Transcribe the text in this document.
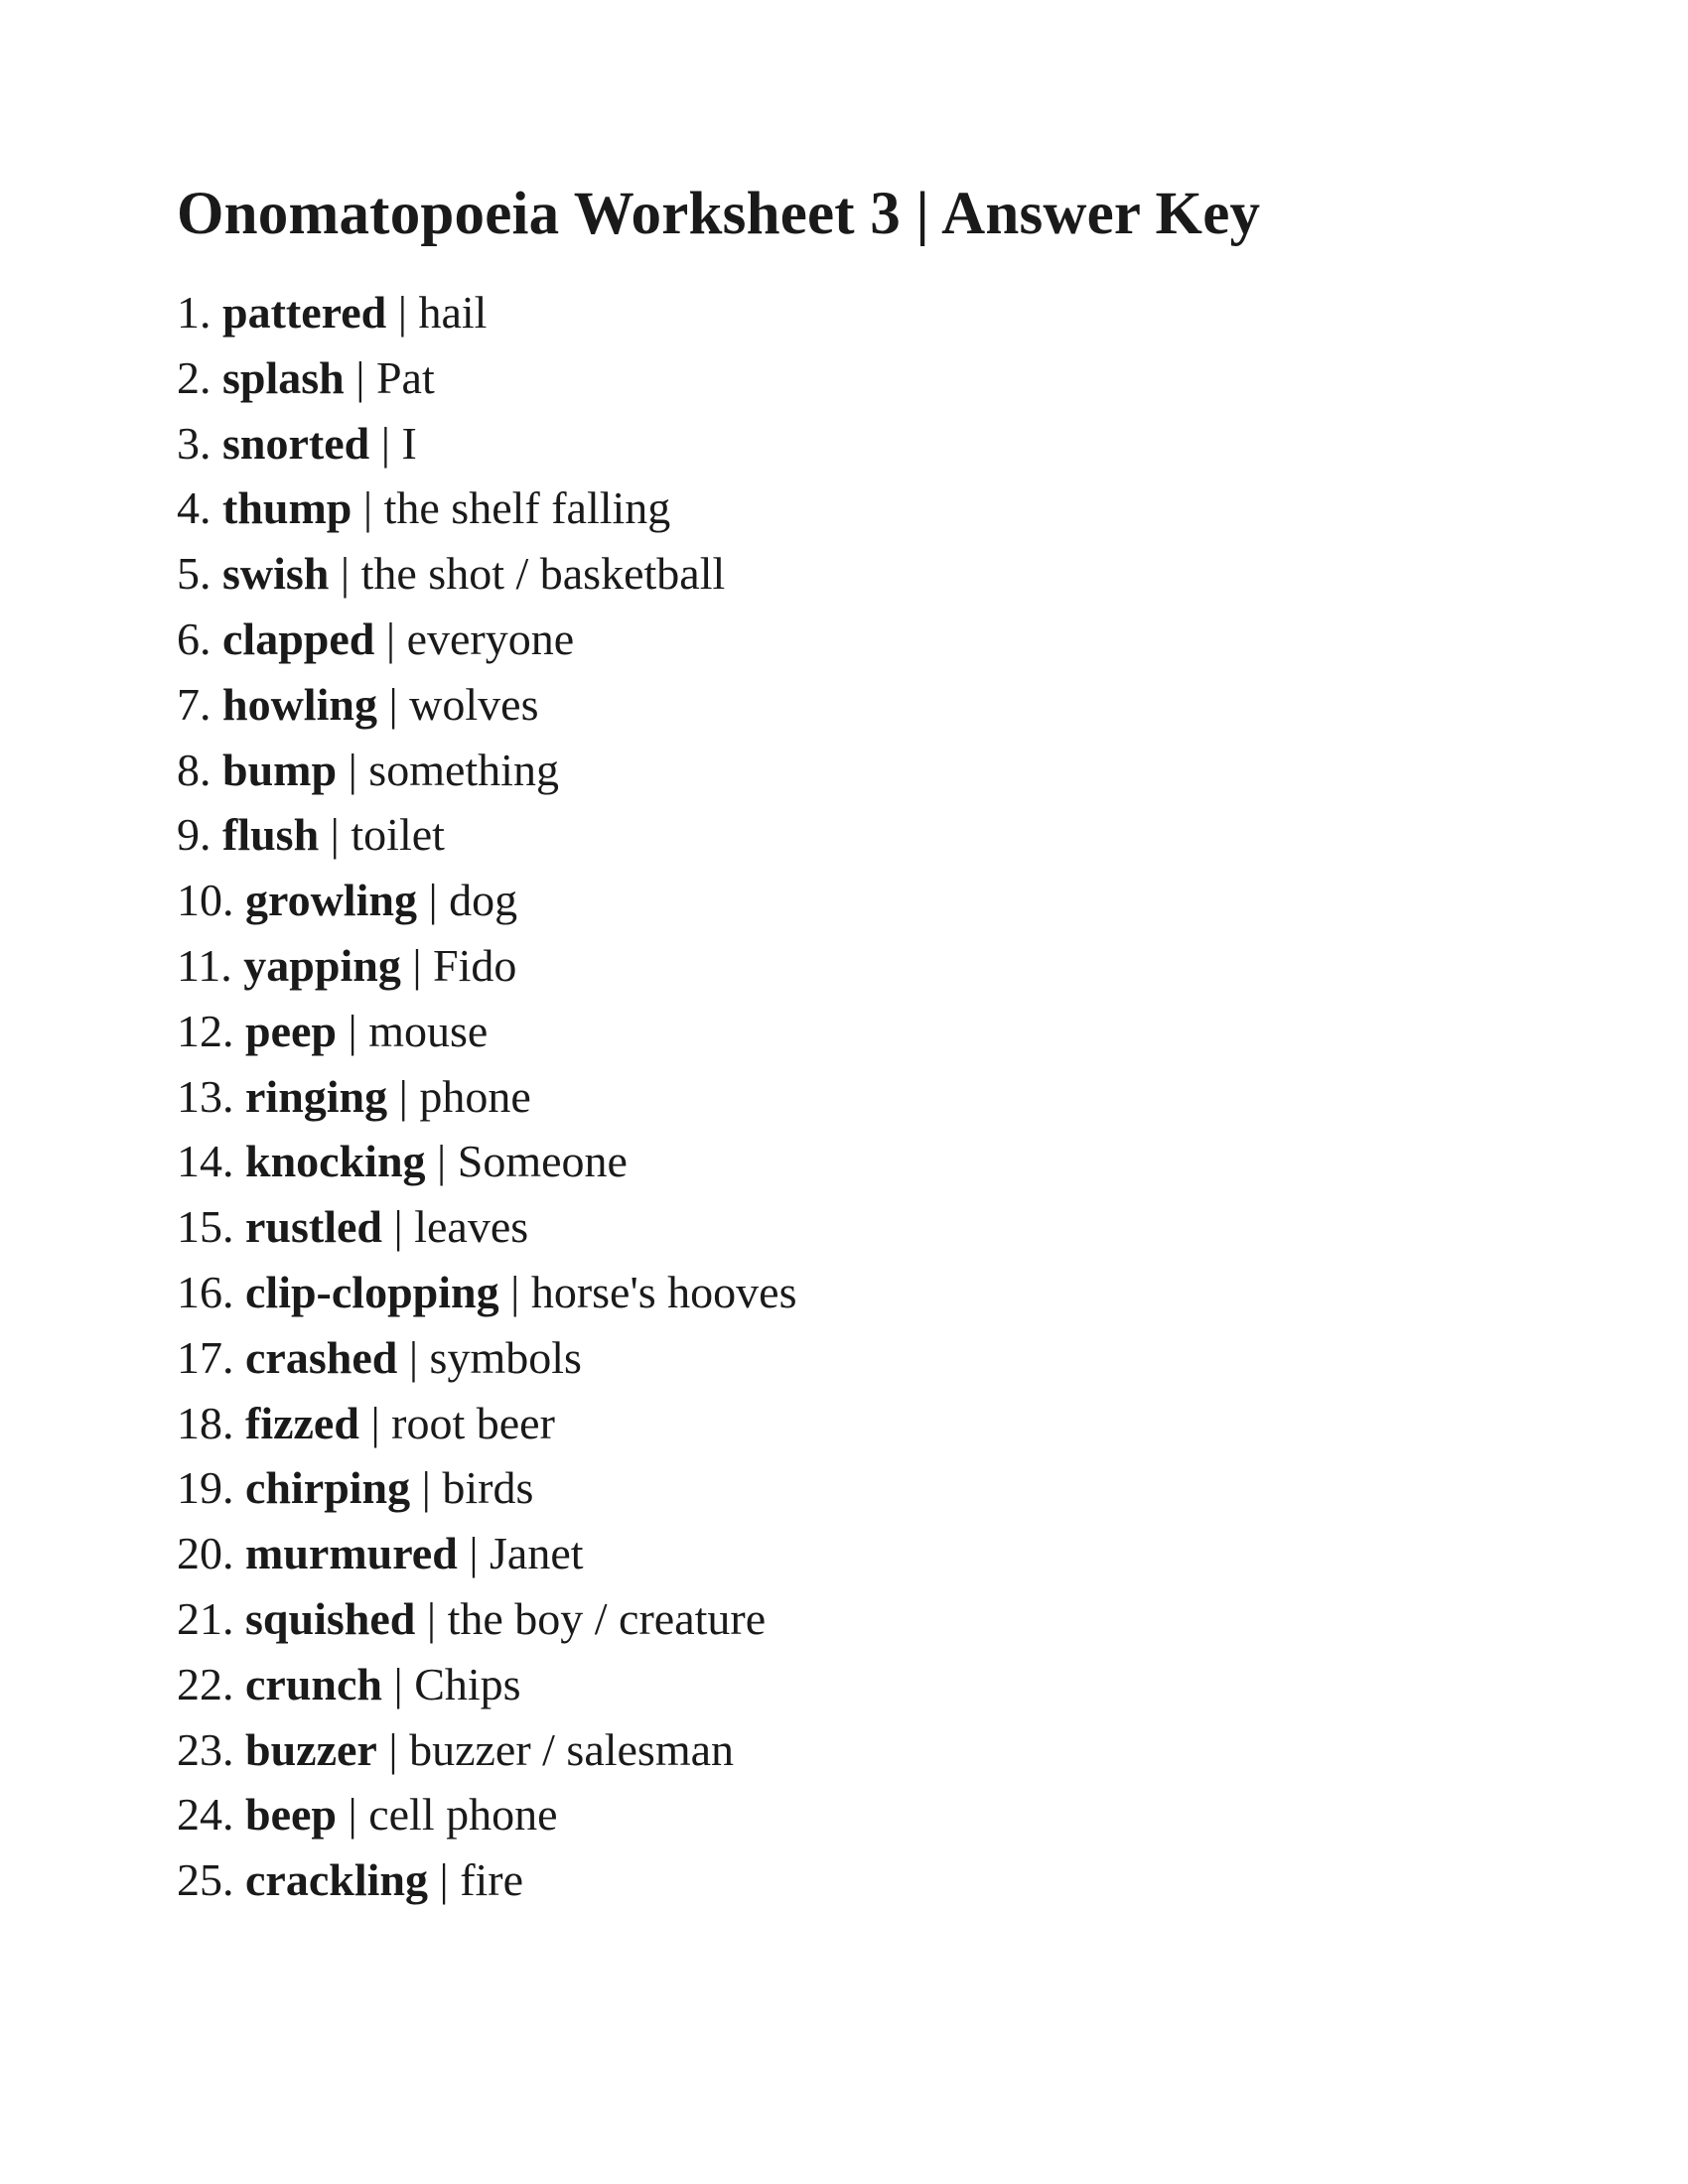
Onomatopoeia Worksheet 3 | Answer Key
1. pattered | hail
2. splash | Pat
3. snorted | I
4. thump | the shelf falling
5. swish | the shot / basketball
6. clapped | everyone
7. howling | wolves
8. bump | something
9. flush | toilet
10. growling | dog
11. yapping | Fido
12. peep | mouse
13. ringing | phone
14. knocking | Someone
15. rustled | leaves
16. clip-clopping | horse's hooves
17. crashed | symbols
18. fizzed | root beer
19. chirping | birds
20. murmured | Janet
21. squished | the boy / creature
22. crunch | Chips
23. buzzer | buzzer / salesman
24. beep | cell phone
25. crackling | fire
